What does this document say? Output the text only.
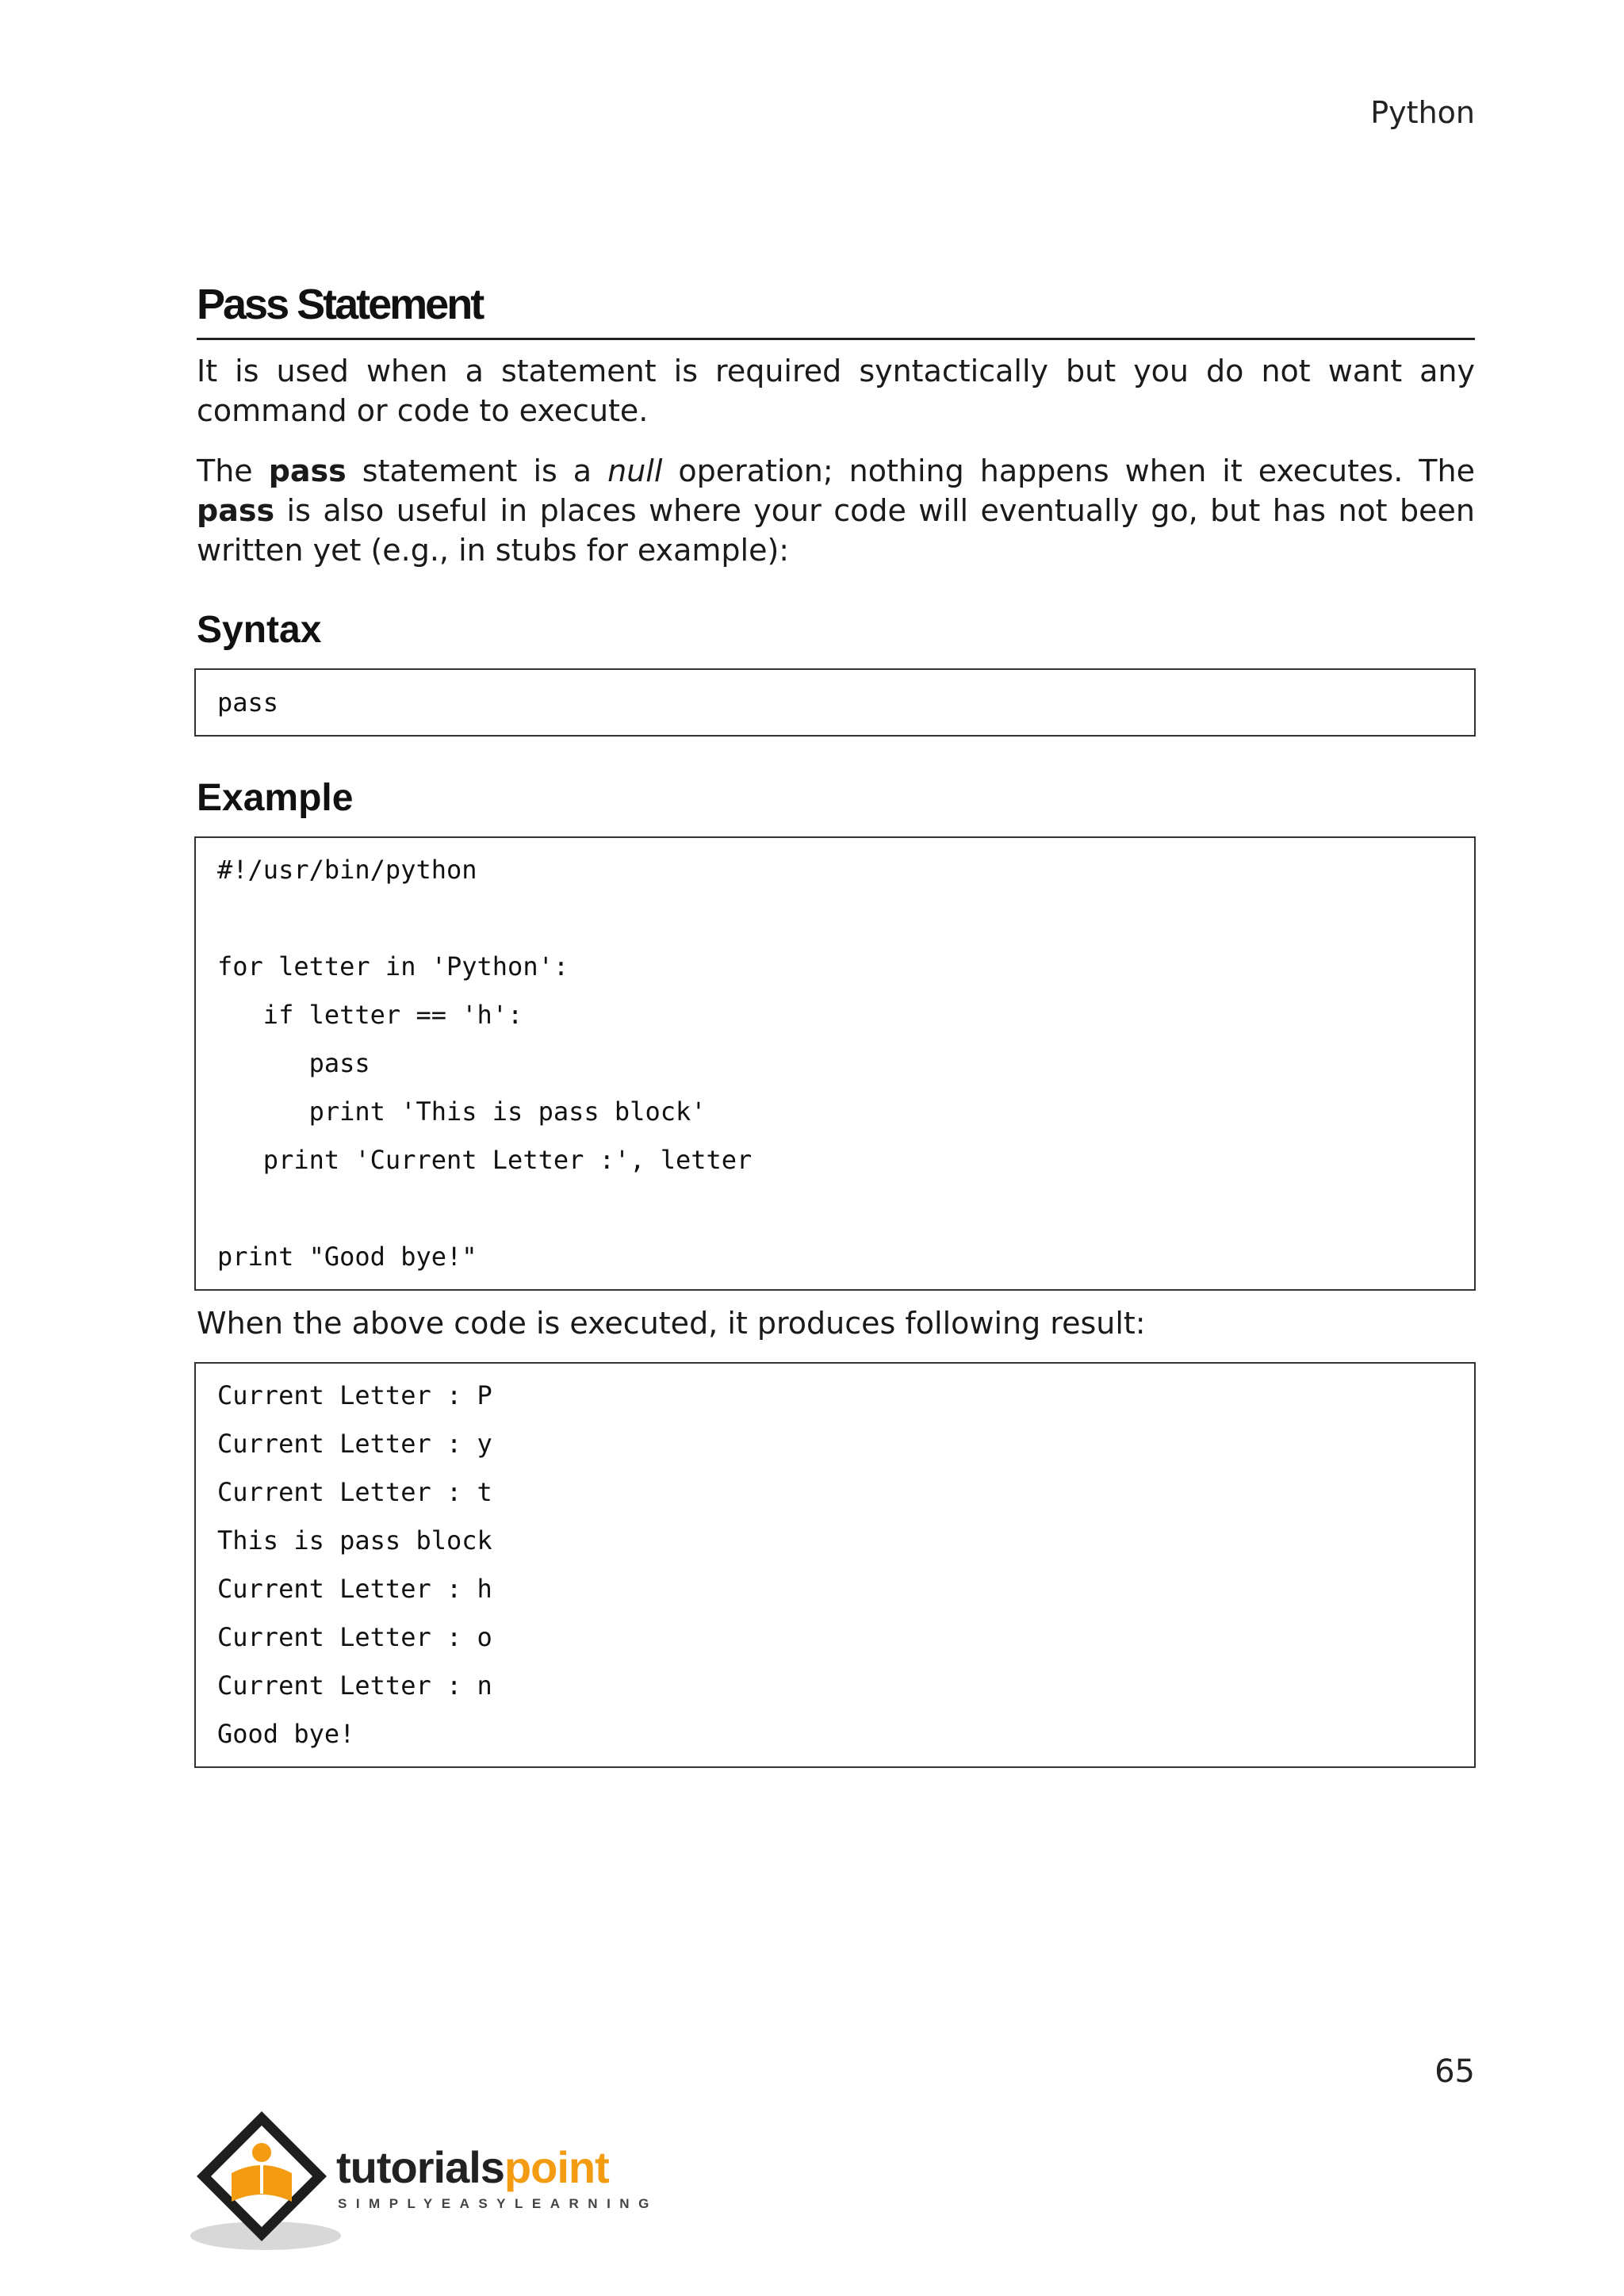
Python
Pass Statement

It is used when a statement is required syntactically but you do not want any command or code to execute.

The pass statement is a null operation; nothing happens when it executes. The pass is also useful in places where your code will eventually go, but has not been written yet (e.g., in stubs for example):

Syntax
pass
Example
#!/usr/bin/python
for letter in 'Python':
if letter == 'h':
pass
print 'This is pass block'
print 'Current Letter :', letter
print "Good bye!"

When the above code is executed, it produces following result:

Current Letter : P
Current Letter : y
Current Letter : t
This is pass block
Current Letter : h
Current Letter : o
Current Letter : n
Good bye!
65
tutorialspoint
SIMPLYEASYLEARNING
